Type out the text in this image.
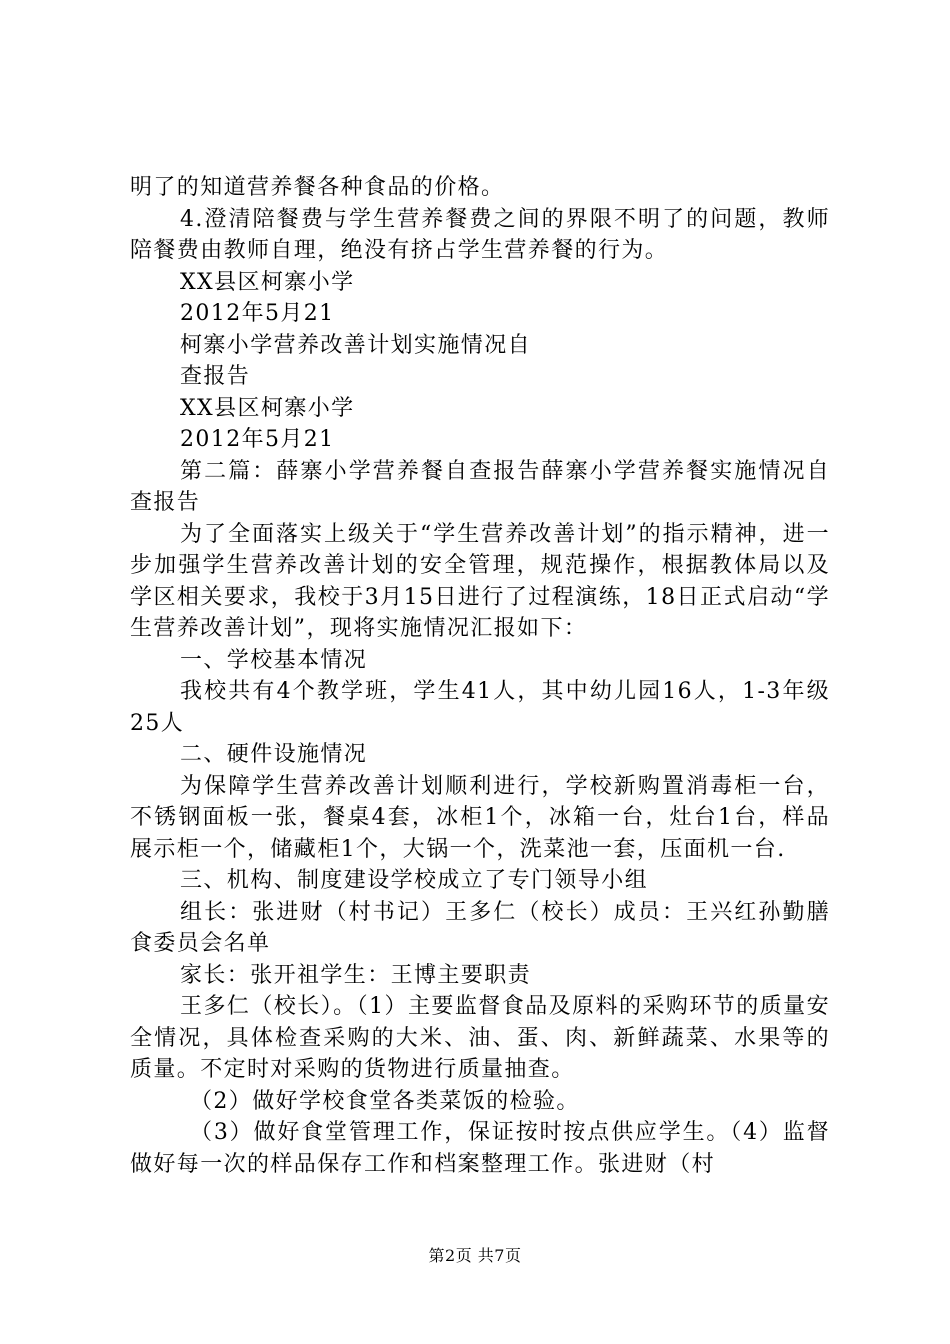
明了的知道营养餐各种食品的价格。

4.澄清陪餐费与学生营养餐费之间的界限不明了的问题，教师陪餐费由教师自理，绝没有挤占学生营养餐的行为。

XX县区柯寨小学

2012年5月21

柯寨小学营养改善计划实施情况自

查报告

XX县区柯寨小学

2012年5月21

第二篇：薛寨小学营养餐自查报告薛寨小学营养餐实施情况自查报告

为了全面落实上级关于“学生营养改善计划”的指示精神，进一步加强学生营养改善计划的安全管理，规范操作，根据教体局以及学区相关要求，我校于3月15日进行了过程演练，18日正式启动“学生营养改善计划”，现将实施情况汇报如下：

一、学校基本情况

我校共有4个教学班，学生41人，其中幼儿园16人，1-3年级25人

二、硬件设施情况

为保障学生营养改善计划顺利进行，学校新购置消毒柜一台，不锈钢面板一张，餐桌4套，冰柜1个，冰箱一台，灶台1台，样品展示柜一个，储藏柜1个，大锅一个，洗菜池一套，压面机一台.

三、机构、制度建设学校成立了专门领导小组

组长：张进财（村书记）王多仁（校长）成员：王兴红孙勤膳食委员会名单

家长：张开祖学生：王博主要职责

王多仁（校长）。（1）主要监督食品及原料的采购环节的质量安全情况，具体检查采购的大米、油、蛋、肉、新鲜蔬菜、水果等的质量。不定时对采购的货物进行质量抽查。

（2）做好学校食堂各类菜饭的检验。

（3）做好食堂管理工作，保证按时按点供应学生。（4）监督做好每一次的样品保存工作和档案整理工作。张进财（村

第2页 共7页
